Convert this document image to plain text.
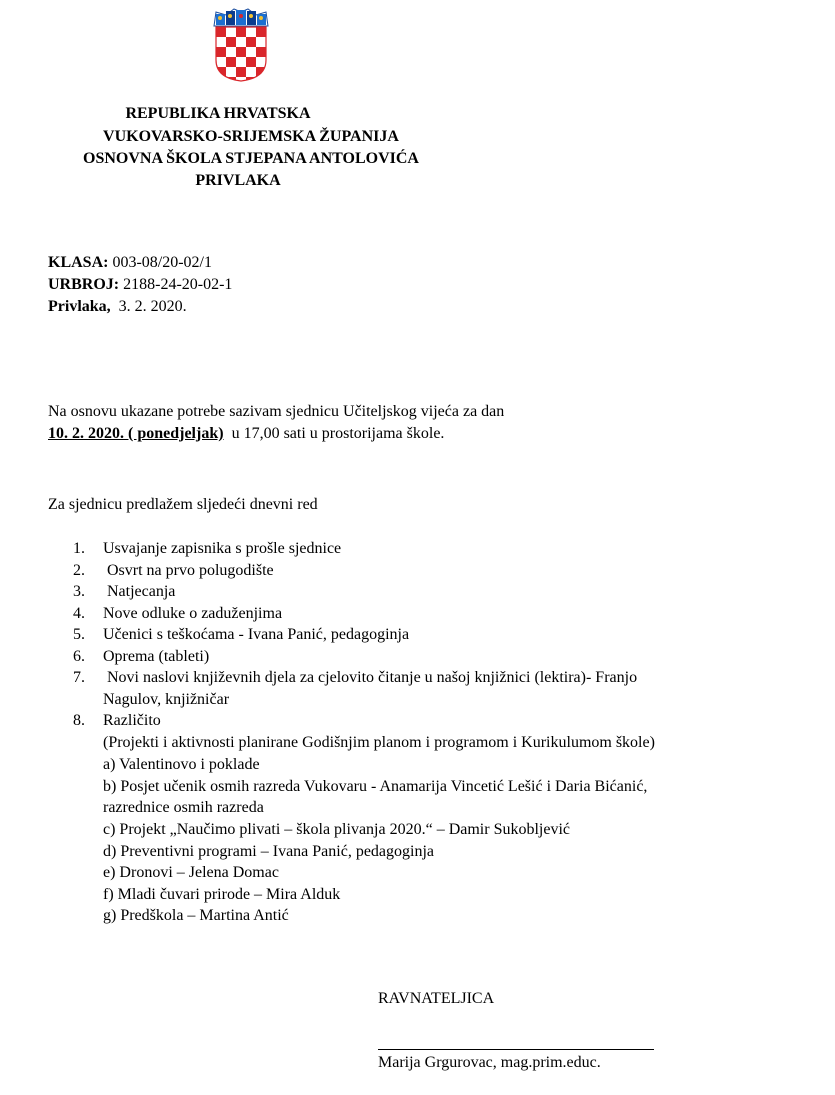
REPUBLIKA HRVATSKA
VUKOVARSKO-SRIJEMSKA ŽUPANIJA
OSNOVNA ŠKOLA STJEPANA ANTOLOVIĆA
PRIVLAKA
KLASA: 003-08/20-02/1
URBROJ: 2188-24-20-02-1
Privlaka, 3. 2. 2020.
Na osnovu ukazane potrebe sazivam sjednicu Učiteljskog vijeća za dan
10. 2. 2020. ( ponedjeljak) u 17,00 sati u prostorijama škole.
Za sjednicu predlažem sljedeći dnevni red
1.	Usvajanje zapisnika s prošle sjednice
2.	Osvrt na prvo polugodište
3.	Natjecanja
4.	Nove odluke o zaduženjima
5.	Učenici s teškoćama - Ivana Panić, pedagoginja
6.	Oprema (tableti)
7.	Novi naslovi književnih djela za cjelovito čitanje u našoj knjižnici (lektira)- Franjo
Nagulov, knjižničar
8.	Različito
(Projekti i aktivnosti planirane Godišnjim planom i programom i Kurikulumom škole)
a) Valentinovo i poklade
b) Posjet učenik osmih razreda Vukovaru - Anamarija Vincetić Lešić i Daria Bićanić,
razrednice osmih razreda
c) Projekt „Naučimo plivati – škola plivanja 2020.“ – Damir Sukobljević
d) Preventivni programi – Ivana Panić, pedagoginja
e) Dronovi – Jelena Domac
f) Mladi čuvari prirode – Mira Alduk
g) Predškola – Martina Antić
RAVNATELJICA
Marija Grgurovac, mag.prim.educ.
